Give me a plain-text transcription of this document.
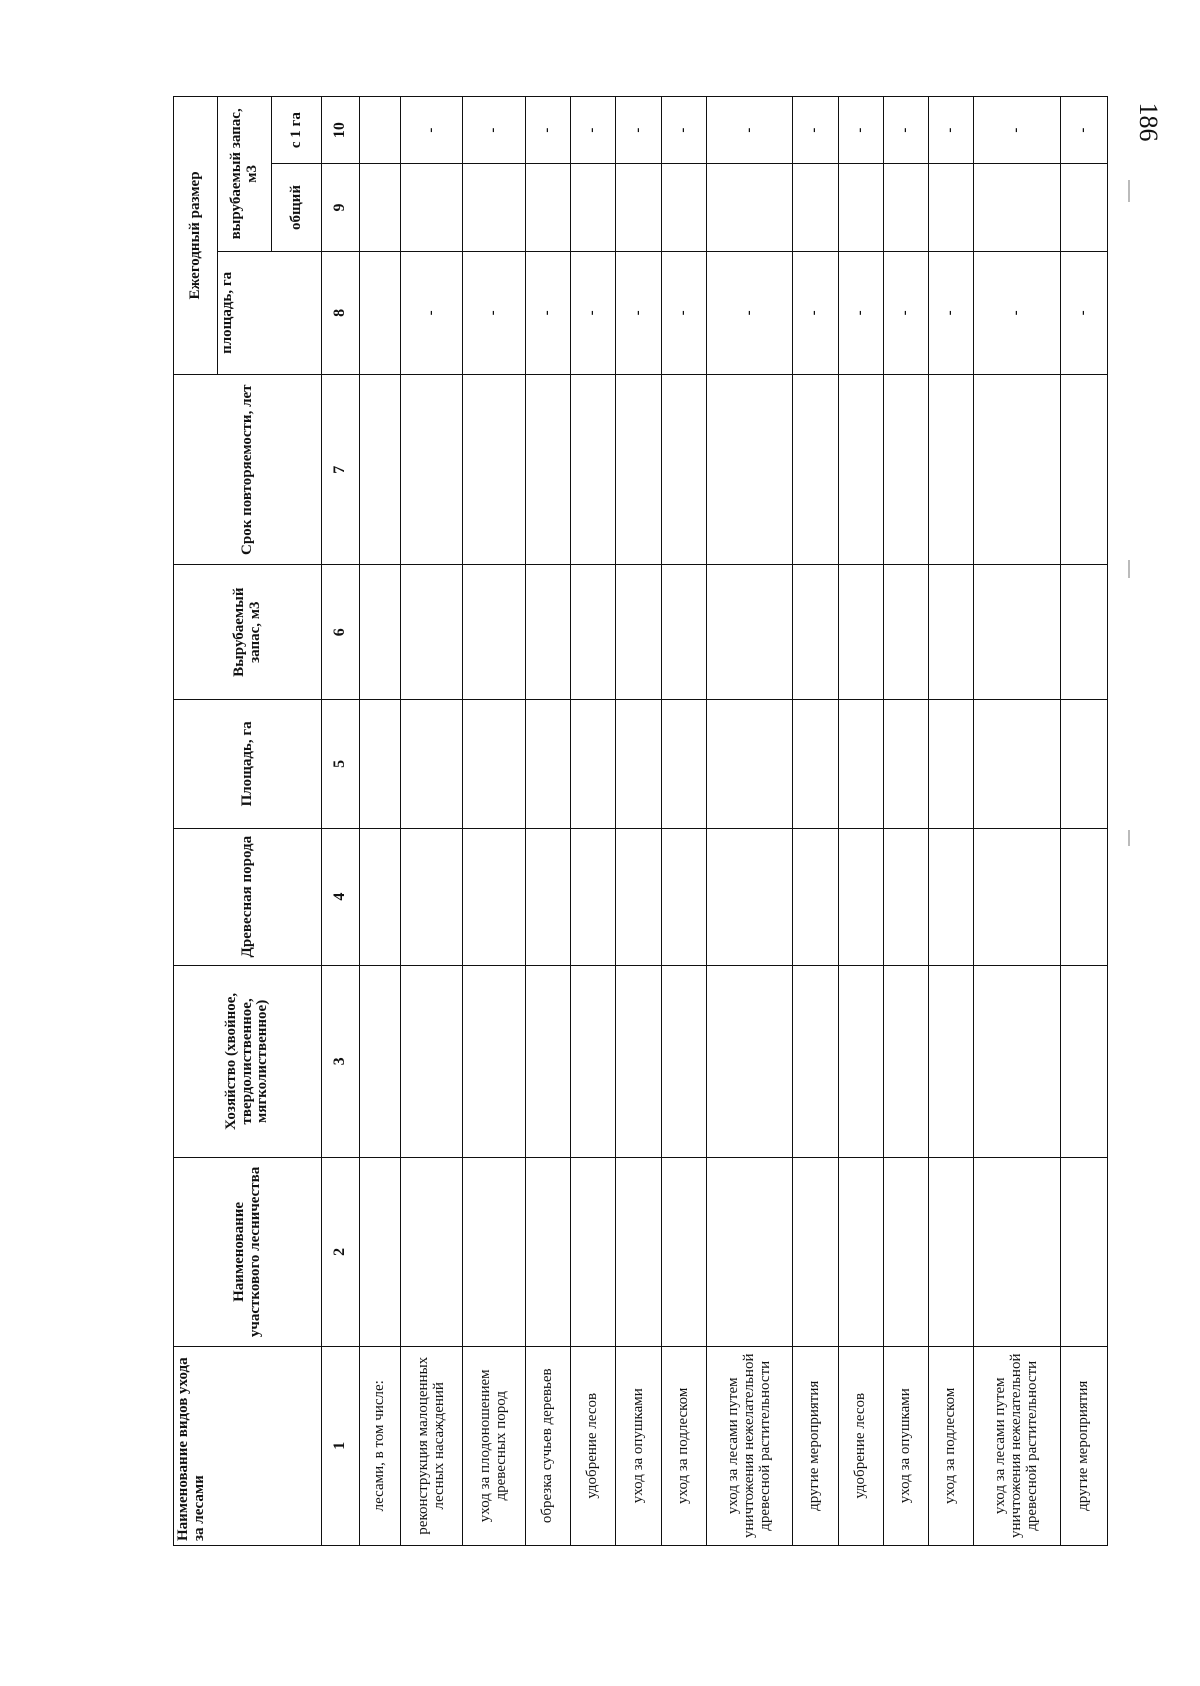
186
Наименование видов ухода за лесами	Наименование участкового лесничества	Хозяйство (хвойное, твердолиственное, мягколиственное)	Древесная порода	Площадь, га	Вырубаемый запас, м3	Срок повторяемости, лет	Ежегодный размер		
							площадь, га	вырубаемый запас, м3	
								общий	с 1 га
1	2	3	4	5	6	7	8	9	10
лесами, в том числе:									
реконструкция малоценных лесных насаждений							-		-
уход за плодоношением древесных пород							-		-
обрезка сучьев деревьев							-		-
удобрение лесов							-		-
уход за опушками							-		-
уход за подлеском							-		-
уход за лесами путем уничтожения нежелательной древесной растительности							-		-
другие мероприятия							-		-
удобрение лесов							-		-
уход за опушками							-		-
уход за подлеском							-		-
уход за лесами путем уничтожения нежелательной древесной растительности							-		-
другие мероприятия							-		-
